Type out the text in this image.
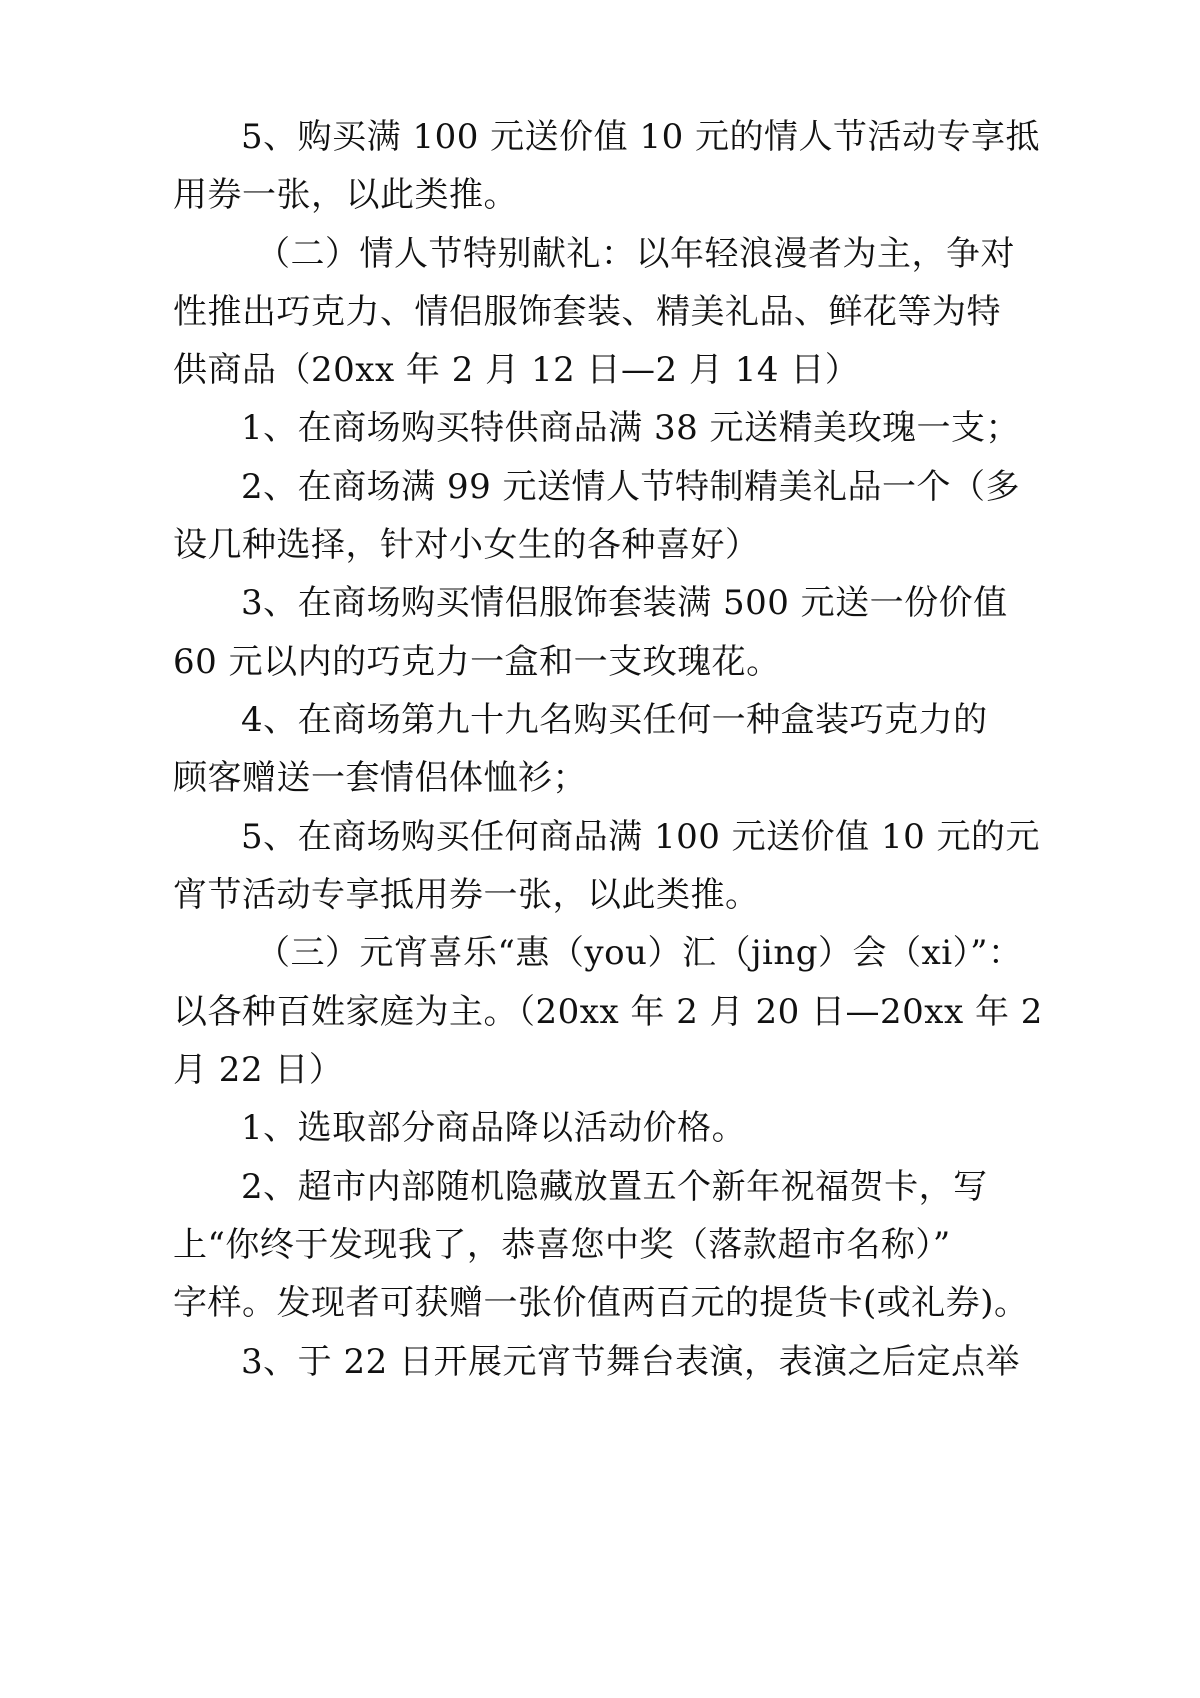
5、购买满 100 元送价值 10 元的情人节活动专享抵
用券一张，以此类推。
（二）情人节特别献礼：以年轻浪漫者为主，争对
性推出巧克力、情侣服饰套装、精美礼品、鲜花等为特
供商品（20xx 年 2 月 12 日—2 月 14 日）
1、在商场购买特供商品满 38 元送精美玫瑰一支；
2、在商场满 99 元送情人节特制精美礼品一个（多
设几种选择，针对小女生的各种喜好）
3、在商场购买情侣服饰套装满 500 元送一份价值
60 元以内的巧克力一盒和一支玫瑰花。
4、在商场第九十九名购买任何一种盒装巧克力的
顾客赠送一套情侣体恤衫；
5、在商场购买任何商品满 100 元送价值 10 元的元
宵节活动专享抵用券一张，以此类推。
（三）元宵喜乐“惠（you）汇（jing）会（xi）”：
以各种百姓家庭为主。（20xx 年 2 月 20 日—20xx 年 2
月 22 日）
1、选取部分商品降以活动价格。
2、超市内部随机隐藏放置五个新年祝福贺卡，写
上“你终于发现我了，恭喜您中奖（落款超市名称）”
字样。发现者可获赠一张价值两百元的提货卡(或礼券)。
3、于 22 日开展元宵节舞台表演，表演之后定点举
